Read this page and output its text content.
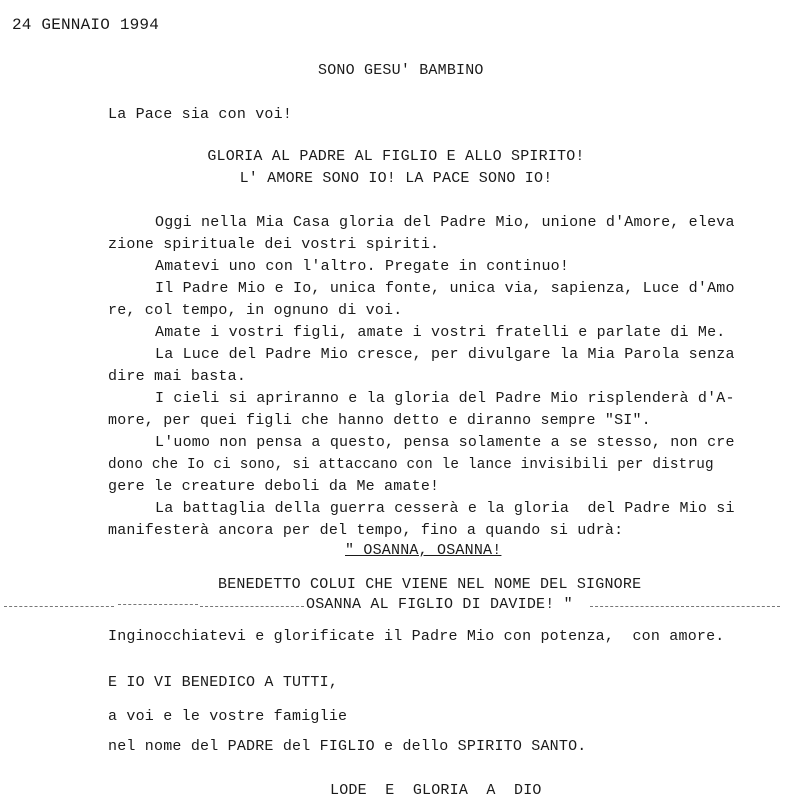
24 GENNAIO 1994
SONO GESU' BAMBINO
La Pace sia con voi!
GLORIA AL PADRE AL FIGLIO E ALLO SPIRITO!
L' AMORE SONO IO! LA PACE SONO IO!
Oggi nella Mia Casa gloria del Padre Mio, unione d'Amore, eleva
zione spirituale dei vostri spiriti.
Amatevi uno con l'altro. Pregate in continuo!
Il Padre Mio e Io, unica fonte, unica via, sapienza, Luce d'Amo
re, col tempo, in ognuno di voi.
Amate i vostri figli, amate i vostri fratelli e parlate di Me.
La Luce del Padre Mio cresce, per divulgare la Mia Parola senza
dire mai basta.
I cieli si apriranno e la gloria del Padre Mio risplenderà d'A-
more, per quei figli che hanno detto e diranno sempre "SI".
L'uomo non pensa a questo, pensa solamente a se stesso, non cre
dono che Io ci sono, si attaccano con le lance invisibili per distrug
gere le creature deboli da Me amate!
La battaglia della guerra cesserà e la gloria  del Padre Mio si
manifesterà ancora per del tempo, fino a quando si udrà:
" OSANNA, OSANNA!
BENEDETTO COLUI CHE VIENE NEL NOME DEL SIGNORE
OSANNA AL FIGLIO DI DAVIDE! "
Inginocchiatevi e glorificate il Padre Mio con potenza,  con amore.
E IO VI BENEDICO A TUTTI,
a voi e le vostre famiglie
nel nome del PADRE del FIGLIO e dello SPIRITO SANTO.
LODE  E  GLORIA  A  DIO
